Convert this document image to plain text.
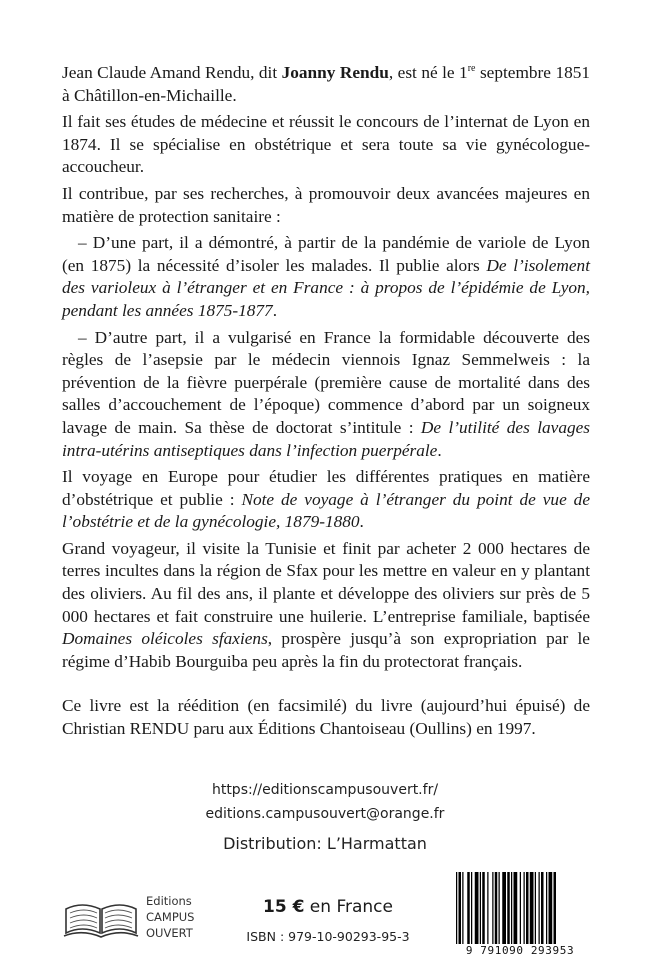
Jean Claude Amand Rendu, dit Joanny Rendu, est né le 1re septembre 1851 à Châtillon-en-Michaille.

Il fait ses études de médecine et réussit le concours de l’internat de Lyon en 1874. Il se spécialise en obstétrique et sera toute sa vie gynécologue-accoucheur.

Il contribue, par ses recherches, à promouvoir deux avancées majeures en matière de protection sanitaire :

– D’une part, il a démontré, à partir de la pandémie de variole de Lyon (en 1875) la nécessité d’isoler les malades. Il publie alors De l’isolement des varioleux à l’étranger et en France : à propos de l’épidémie de Lyon, pendant les années 1875-1877.

– D’autre part, il a vulgarisé en France la formidable découverte des règles de l’asepsie par le médecin viennois Ignaz Semmelweis : la prévention de la fièvre puerpérale (première cause de mortalité dans des salles d’accouchement de l’époque) commence d’abord par un soigneux lavage de main. Sa thèse de doctorat s’intitule : De l’utilité des lavages intra-utérins antiseptiques dans l’infection puerpérale.

Il voyage en Europe pour étudier les différentes pratiques en matière d’obstétrique et publie : Note de voyage à l’étranger du point de vue de l’obstétrie et de la gynécologie, 1879-1880.

Grand voyageur, il visite la Tunisie et finit par acheter 2 000 hectares de terres incultes dans la région de Sfax pour les mettre en valeur en y plantant des oliviers. Au fil des ans, il plante et développe des oliviers sur près de 5 000 hectares et fait construire une huilerie. L’entreprise familiale, baptisée Domaines oléicoles sfaxiens, prospère jusqu’à son expropriation par le régime d’Habib Bourguiba peu après la fin du protectorat français.

Ce livre est la réédition (en facsimilé) du livre (aujourd’hui épuisé) de Christian RENDU paru aux Éditions Chantoiseau (Oullins) en 1997.

https://editionscampusouvert.fr/
editions.campusouvert@orange.fr
Distribution: L’Harmattan
Editions
CAMPUS
OUVERT
15 € en France
ISBN : 979-10-90293-95-3
9 791090 293953
